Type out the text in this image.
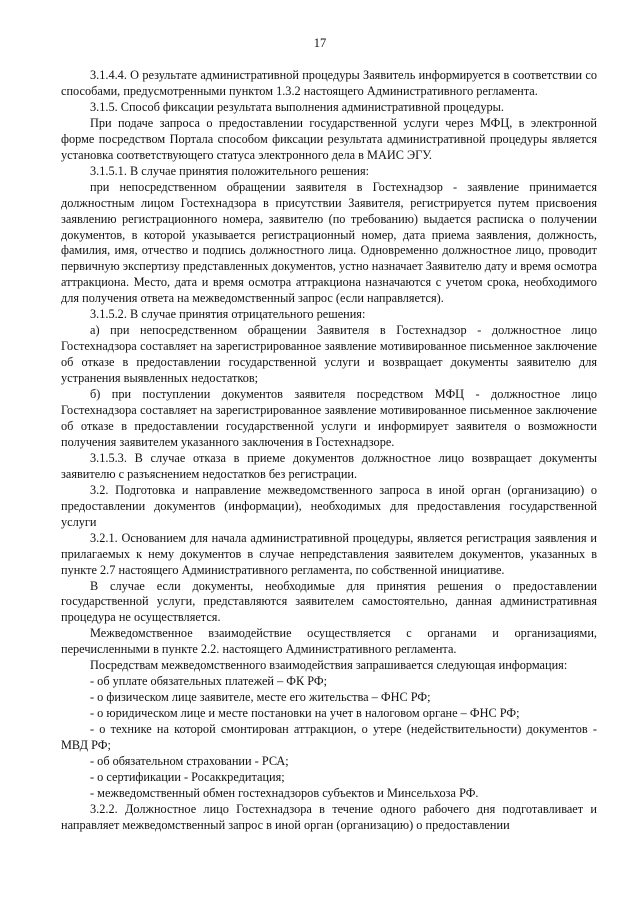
17

3.1.4.4. О результате административной процедуры Заявитель информируется в соответствии со способами, предусмотренными пунктом 1.3.2 настоящего Административного регламента.

3.1.5. Способ фиксации результата выполнения административной процедуры.

При подаче запроса о предоставлении государственной услуги через МФЦ, в электронной форме посредством Портала способом фиксации результата административной процедуры является установка соответствующего статуса электронного дела в МАИС ЭГУ.

3.1.5.1. В случае принятия положительного решения:

при непосредственном обращении заявителя в Гостехнадзор - заявление принимается должностным лицом Гостехнадзора в присутствии Заявителя, регистрируется путем присвоения заявлению регистрационного номера, заявителю (по требованию) выдается расписка о получении документов, в которой указывается регистрационный номер, дата приема заявления, должность, фамилия, имя, отчество и подпись должностного лица. Одновременно должностное лицо, проводит первичную экспертизу представленных документов, устно назначает Заявителю дату и время осмотра аттракциона. Место, дата и время осмотра аттракциона назначаются с учетом срока, необходимого для получения ответа на межведомственный запрос (если направляется).

3.1.5.2. В случае принятия отрицательного решения:

а) при непосредственном обращении Заявителя в Гостехнадзор - должностное лицо Гостехнадзора составляет на зарегистрированное заявление мотивированное письменное заключение об отказе в предоставлении государственной услуги и возвращает документы заявителю для устранения выявленных недостатков;

б) при поступлении документов заявителя посредством МФЦ - должностное лицо Гостехнадзора составляет на зарегистрированное заявление мотивированное письменное заключение об отказе в предоставлении государственной услуги и информирует заявителя о возможности получения заявителем указанного заключения в Гостехнадзоре.

3.1.5.3. В случае отказа в приеме документов должностное лицо возвращает документы заявителю с разъяснением недостатков без регистрации.

3.2. Подготовка и направление межведомственного запроса в иной орган (организацию) о предоставлении документов (информации), необходимых для предоставления государственной услуги

3.2.1. Основанием для начала административной процедуры, является регистрация заявления и прилагаемых к нему документов в случае непредставления заявителем документов, указанных в пункте 2.7 настоящего Административного регламента, по собственной инициативе.

В случае если документы, необходимые для принятия решения о предоставлении государственной услуги, представляются заявителем самостоятельно, данная административная процедура не осуществляется.

Межведомственное взаимодействие осуществляется с органами и организациями, перечисленными в пункте 2.2. настоящего Административного регламента.

Посредствам межведомственного взаимодействия запрашивается следующая информация:

- об уплате обязательных платежей – ФК РФ;

- о физическом лице заявителе, месте его жительства – ФНС РФ;

- о юридическом лице и месте постановки на учет в налоговом органе – ФНС РФ;

- о технике на которой смонтирован аттракцион, о утере (недействительности) документов - МВД РФ;

- об обязательном страховании - РСА;

- о сертификации - Росаккредитация;

- межведомственный обмен гостехнадзоров субъектов и Минсельхоза РФ.

3.2.2. Должностное лицо Гостехнадзора в течение одного рабочего дня подготавливает и направляет межведомственный запрос в иной орган (организацию) о предоставлении
